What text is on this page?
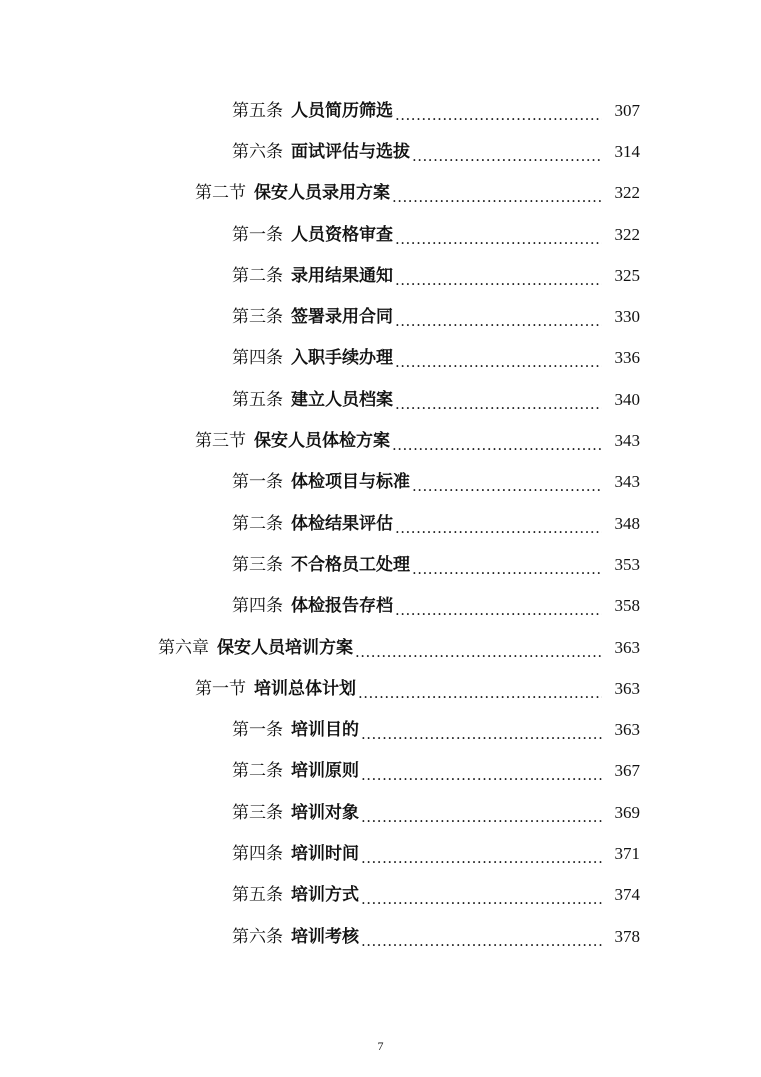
第五条 人员简历筛选 .....	307
第六条 面试评估与选拔 .....	314
第二节 保安人员录用方案 .....	322
第一条 人员资格审查 .....	322
第二条 录用结果通知 .....	325
第三条 签署录用合同 .....	330
第四条 入职手续办理 .....	336
第五条 建立人员档案 .....	340
第三节 保安人员体检方案 .....	343
第一条 体检项目与标准 .....	343
第二条 体检结果评估 .....	348
第三条 不合格员工处理 .....	353
第四条 体检报告存档 .....	358
第六章 保安人员培训方案 .....	363
第一节 培训总体计划 .....	363
第一条 培训目的 .....	363
第二条 培训原则 .....	367
第三条 培训对象 .....	369
第四条 培训时间 .....	371
第五条 培训方式 .....	374
第六条 培训考核 .....	378
7
